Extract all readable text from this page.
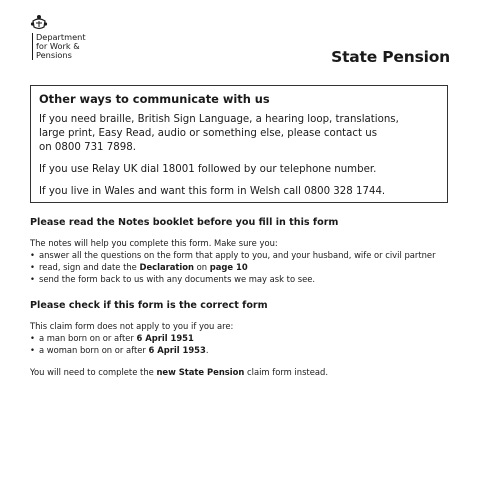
Department
for Work &
Pensions	State Pension
Other ways to communicate with us

If you need braille, British Sign Language, a hearing loop, translations,
large print, Easy Read, audio or something else, please contact us
on 0800 731 7898.

If you use Relay UK dial 18001 followed by our telephone number.

If you live in Wales and want this form in Welsh call 0800 328 1744.

Please read the Notes booklet before you fill in this form

The notes will help you complete this form. Make sure you:

• answer all the questions on the form that apply to you, and your husband, wife or civil partner
• read, sign and date the Declaration on page 10
• send the form back to us with any documents we may ask to see.
Please check if this form is the correct form

This claim form does not apply to you if you are:

• a man born on or after 6 April 1951
• a woman born on or after 6 April 1953.

You will need to complete the new State Pension claim form instead.
